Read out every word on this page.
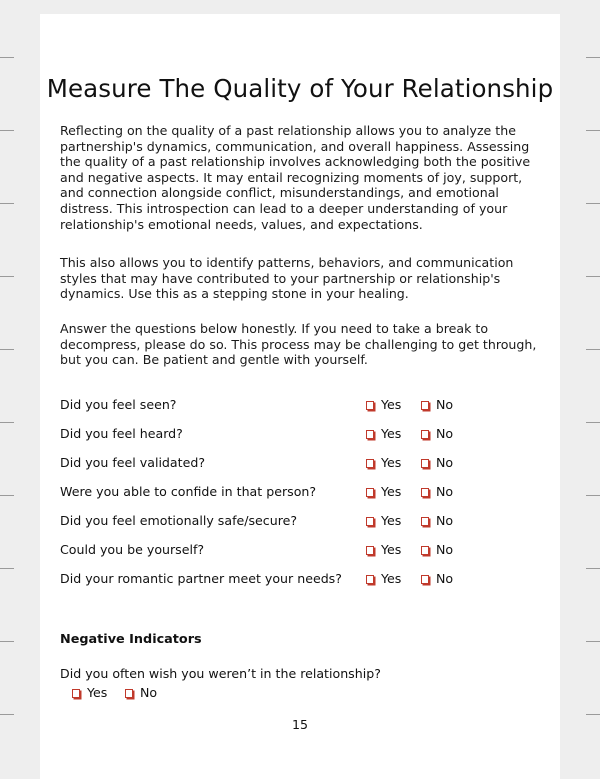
Measure The Quality of Your Relationship

Reflecting on the quality of a past relationship allows you to analyze the partnership's dynamics, communication, and overall happiness. Assessing the quality of a past relationship involves acknowledging both the positive and negative aspects. It may entail recognizing moments of joy, support, and connection alongside conflict, misunderstandings, and emotional distress. This introspection can lead to a deeper understanding of your relationship's emotional needs, values, and expectations.

This also allows you to identify patterns, behaviors, and communication styles that may have contributed to your partnership or relationship's dynamics. Use this as a stepping stone in your healing.

Answer the questions below honestly. If you need to take a break to decompress, please do so. This process may be challenging to get through, but you can. Be patient and gentle with yourself.

Did you feel seen?	Yes	No
Did you feel heard?	Yes	No
Did you feel validated?	Yes	No
Were you able to confide in that person?	Yes	No
Did you feel emotionally safe/secure?	Yes	No
Could you be yourself?	Yes	No
Did your romantic partner meet your needs?	Yes	No
Negative Indicators
Did you often wish you weren’t in the relationship?
Yes	No
15
